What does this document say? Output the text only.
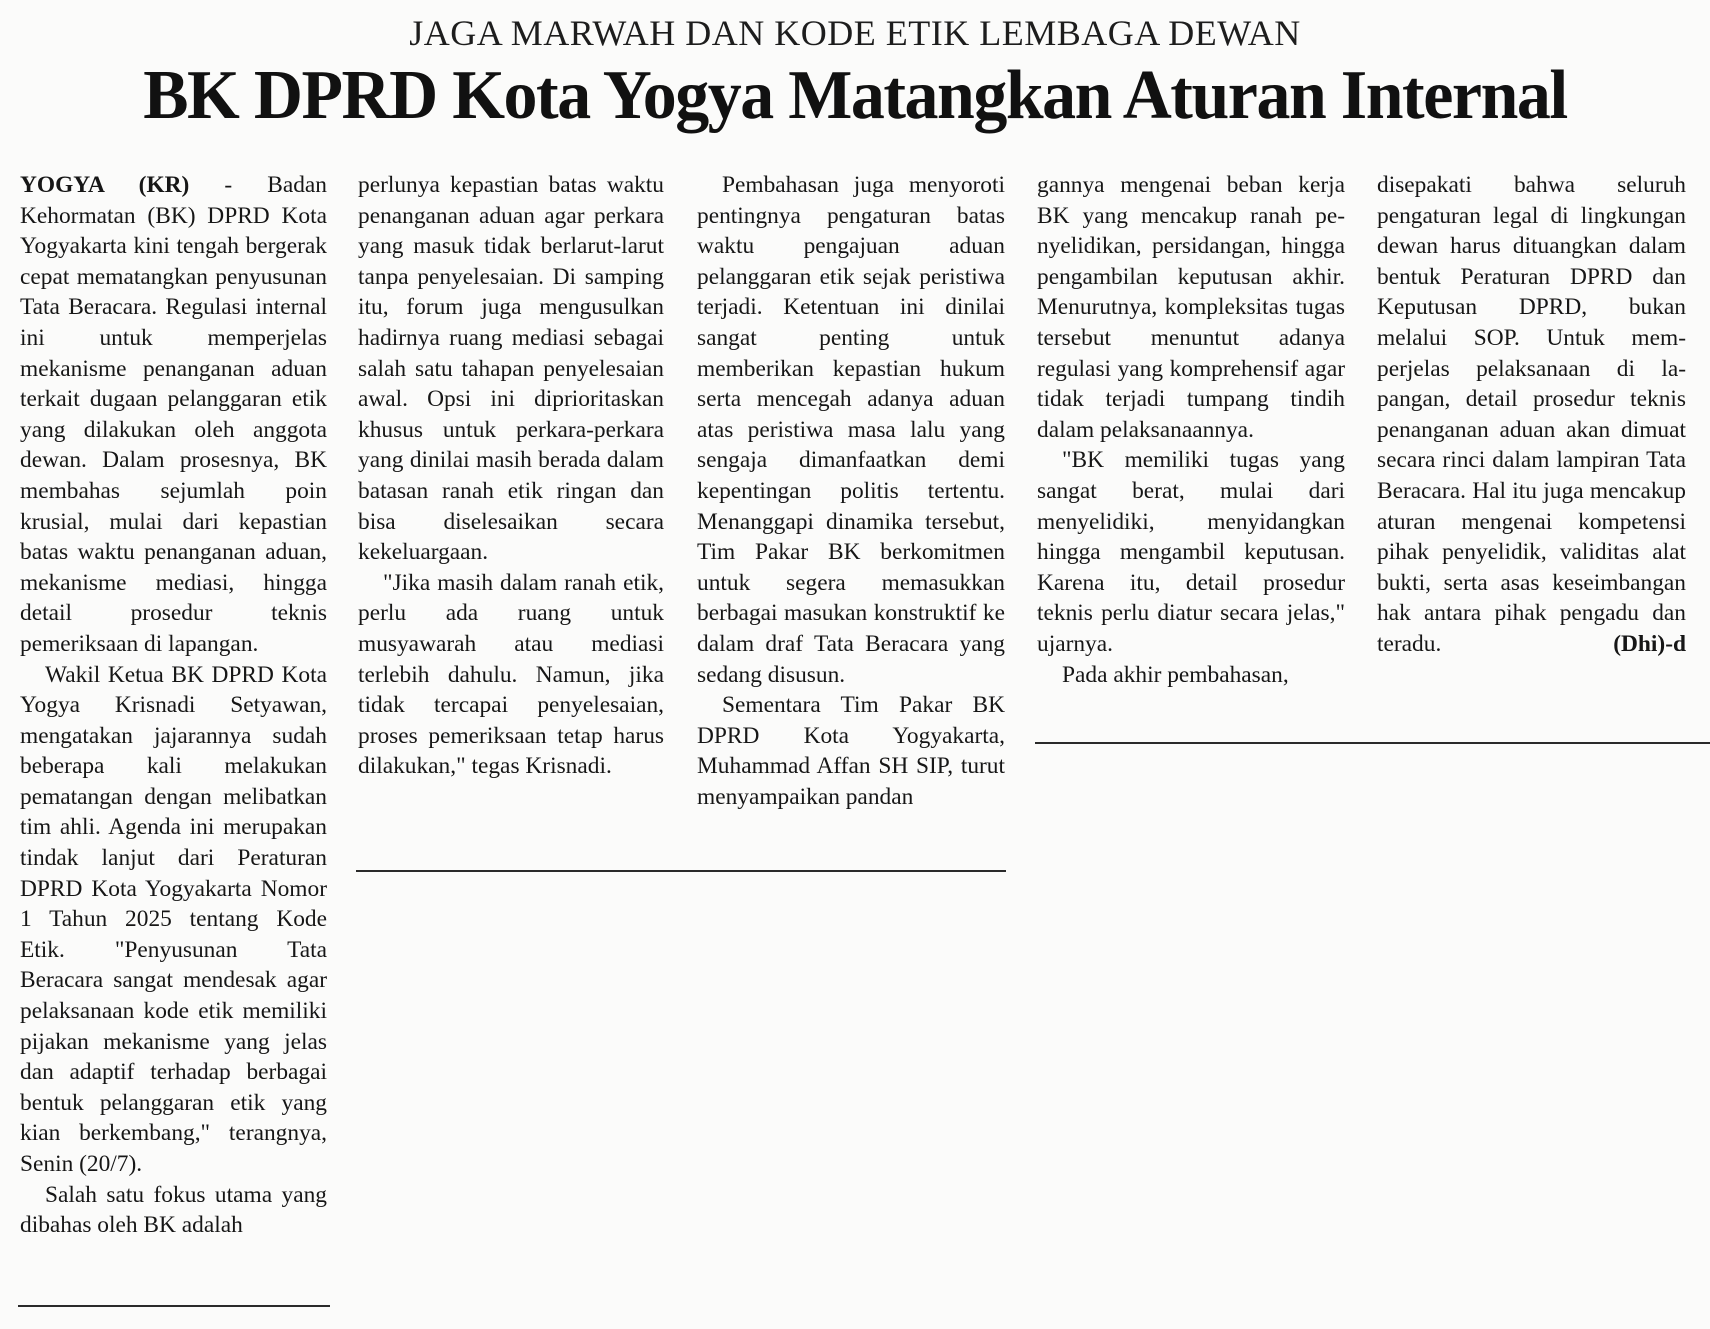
JAGA MARWAH DAN KODE ETIK LEMBAGA DEWAN
BK DPRD Kota Yogya Matangkan Aturan Internal

YOGYA (KR) - Badan Kehormatan (BK) DPRD Kota Yogyakarta kini tengah bergerak cepat mematangkan penyusunan Tata Beracara. Regulasi internal ini untuk memperjelas mekanisme penanganan aduan terkait dugaan pelanggaran etik yang dilakukan oleh anggota dewan. Dalam prosesnya, BK membahas sejumlah poin krusial, mulai dari kepastian batas waktu penanganan aduan, mekanisme mediasi, hingga detail prosedur teknis pemeriksaan di lapangan.

Wakil Ketua BK DPRD Kota Yogya Krisnadi Setyawan, mengatakan jajarannya sudah beberapa kali melakukan pematangan dengan melibatkan tim ahli. Agenda ini merupakan tindak lanjut dari Peraturan DPRD Kota Yogyakarta Nomor 1 Tahun 2025 tentang Kode Etik. "Penyusunan Tata Beracara sangat mendesak agar pelaksanaan kode etik memiliki pijakan mekanisme yang jelas dan adaptif terhadap berbagai bentuk pelanggaran etik yang kian berkembang," terangnya, Senin (20/7).

Salah satu fokus utama yang dibahas oleh BK adalah

perlunya kepastian batas waktu penanganan aduan agar perkara yang masuk tidak berlarut-larut tanpa penyelesaian. Di samping itu, forum juga mengusulkan hadirnya ruang mediasi sebagai salah satu tahapan penyelesaian awal. Opsi ini diprioritaskan khusus untuk perkara-perkara yang dinilai masih berada dalam batasan ranah etik ringan dan bisa diselesaikan secara kekeluargaan.

"Jika masih dalam ranah etik, perlu ada ruang untuk musyawarah atau mediasi terlebih dahulu. Namun, jika tidak tercapai penyelesaian, proses pemeriksaan tetap harus dilakukan," tegas Krisnadi.

Pembahasan juga menyoroti pentingnya pengaturan batas waktu pengajuan aduan pelanggaran etik sejak peristiwa terjadi. Ketentuan ini dinilai sangat penting untuk memberikan kepastian hukum serta mencegah adanya aduan atas peristiwa masa lalu yang sengaja dimanfaatkan demi kepentingan politis tertentu. Menanggapi dinamika tersebut, Tim Pakar BK berkomitmen untuk segera memasukkan berbagai masukan konstruktif ke dalam draf Tata Beracara yang sedang disusun.

Sementara Tim Pakar BK DPRD Kota Yogyakarta, Muhammad Affan SH SIP, turut menyampaikan pandan

gannya mengenai beban kerja BK yang mencakup ranah penyelidikan, persidangan, hingga pengambilan keputusan akhir. Menurutnya, kompleksitas tugas tersebut menuntut adanya regulasi yang komprehensif agar tidak terjadi tumpang tindih dalam pelaksanaannya.

"BK memiliki tugas yang sangat berat, mulai dari menyelidiki, menyidangkan hingga mengambil keputusan. Karena itu, detail prosedur teknis perlu diatur secara jelas," ujarnya.

Pada akhir pembahasan,

disepakati bahwa seluruh pengaturan legal di lingkungan dewan harus dituangkan dalam bentuk Peraturan DPRD dan Keputusan DPRD, bukan melalui SOP. Untuk memperjelas pelaksanaan di lapangan, detail prosedur teknis penanganan aduan akan dimuat secara rinci dalam lampiran Tata Beracara. Hal itu juga mencakup aturan mengenai kompetensi pihak penyelidik, validitas alat bukti, serta asas keseimbangan hak antara pihak pengadu dan teradu.	(Dhi)-d
